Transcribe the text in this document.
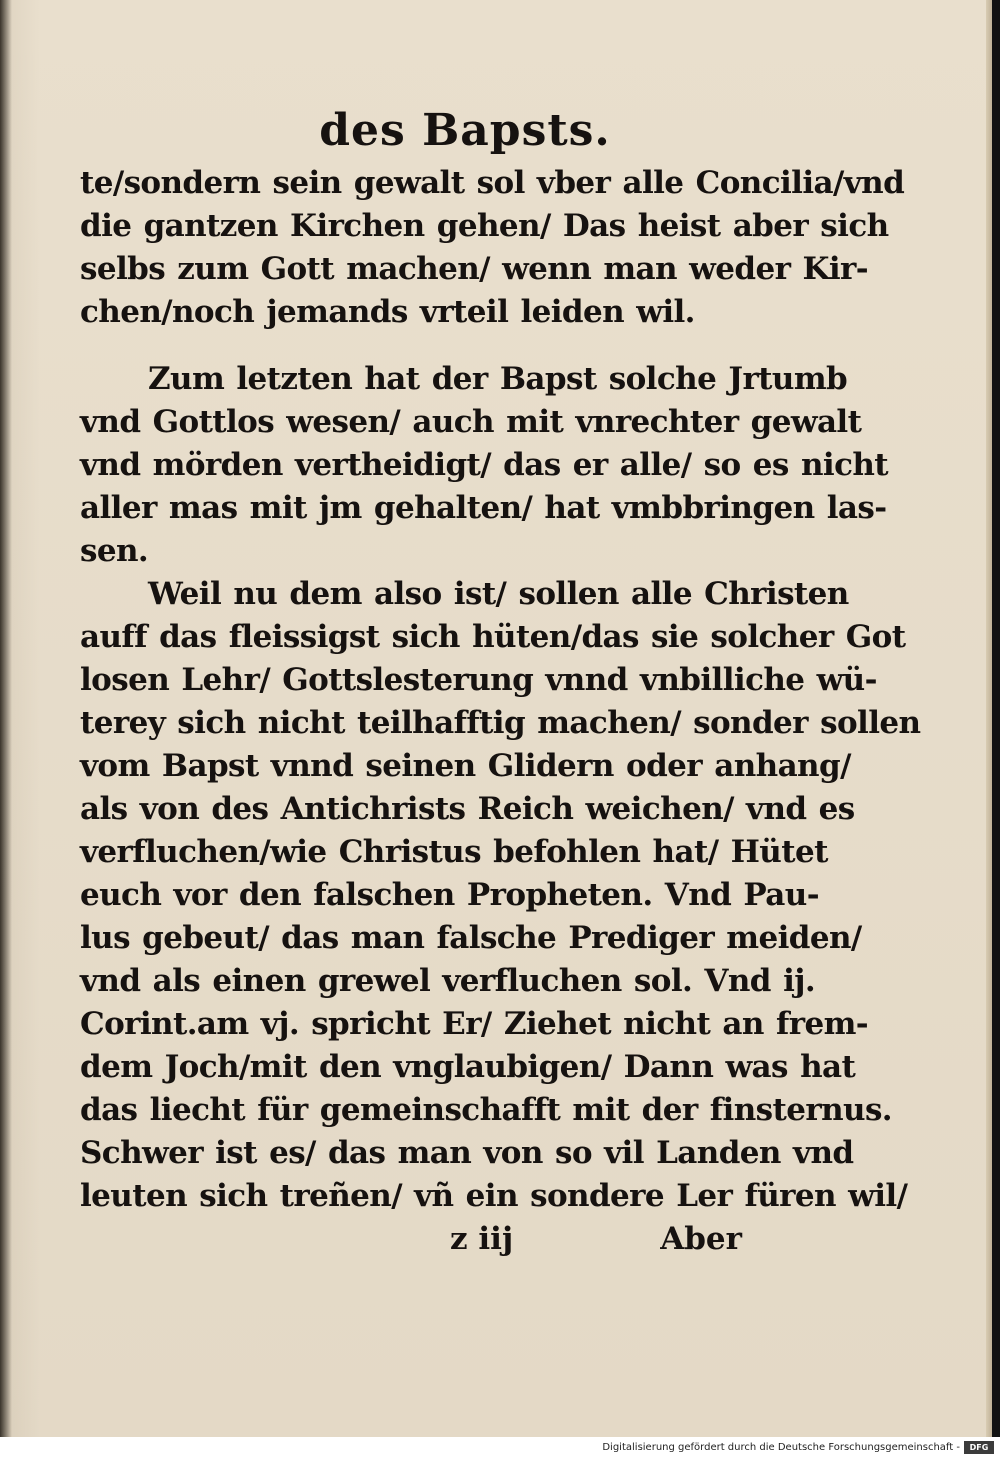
des Bapsts.
te/sondern sein gewalt sol vber alle Concilia/vnd
die gantzen Kirchen gehen/ Das heist aber sich
selbs zum Gott machen/ wenn man weder Kir-
chen/noch jemands vrteil leiden wil.
Zum letzten hat der Bapst solche Jrtumb
vnd Gottlos wesen/ auch mit vnrechter gewalt
vnd mörden vertheidigt/ das er alle/ so es nicht
aller mas mit jm gehalten/ hat vmbbringen las-
sen.
Weil nu dem also ist/ sollen alle Christen
auff das fleissigst sich hüten/das sie solcher Got
losen Lehr/ Gottslesterung vnnd vnbilliche wü-
terey sich nicht teilhafftig machen/ sonder sollen
vom Bapst vnnd seinen Glidern oder anhang/
als von des Antichrists Reich weichen/ vnd es
verfluchen/wie Christus befohlen hat/ Hütet
euch vor den falschen Propheten. Vnd Pau-
lus gebeut/ das man falsche Prediger meiden/
vnd als einen grewel verfluchen sol. Vnd ij.
Corint.am vj. spricht Er/ Ziehet nicht an frem-
dem Joch/mit den vnglaubigen/ Dann was hat
das liecht für gemeinschafft mit der finsternus.
Schwer ist es/ das man von so vil Landen vnd
leuten sich treñen/ vñ ein sondere Ler füren wil/
z iij	Aber
Digitalisierung gefördert durch die Deutsche Forschungsgemeinschaft -	DFG
